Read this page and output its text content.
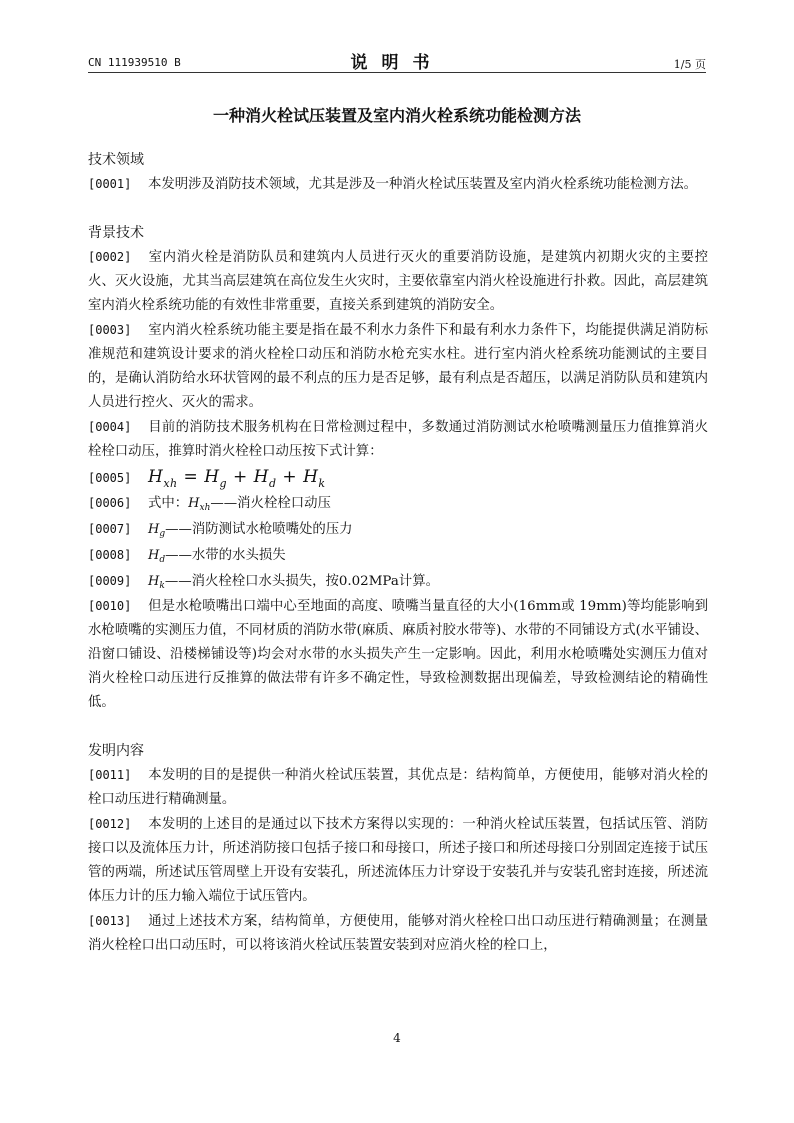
CN 111939510 B	说明书	1/5 页
一种消火栓试压装置及室内消火栓系统功能检测方法

技术领域

[0001] 本发明涉及消防技术领域，尤其是涉及一种消火栓试压装置及室内消火栓系统功能检测方法。

背景技术

[0002] 室内消火栓是消防队员和建筑内人员进行灭火的重要消防设施，是建筑内初期火灾的主要控火、灭火设施，尤其当高层建筑在高位发生火灾时，主要依靠室内消火栓设施进行扑救。因此，高层建筑室内消火栓系统功能的有效性非常重要，直接关系到建筑的消防安全。

[0003] 室内消火栓系统功能主要是指在最不利水力条件下和最有利水力条件下，均能提供满足消防标准规范和建筑设计要求的消火栓栓口动压和消防水枪充实水柱。进行室内消火栓系统功能测试的主要目的，是确认消防给水环状管网的最不利点的压力是否足够，最有利点是否超压，以满足消防队员和建筑内人员进行控火、灭火的需求。

[0004] 目前的消防技术服务机构在日常检测过程中，多数通过消防测试水枪喷嘴测量压力值推算消火栓栓口动压，推算时消火栓栓口动压按下式计算：

[0005] $H_{xh} = H_g + H_d + H_k$

[0006] 式中：$H_{xh}——$消火栓栓口动压

[0007] $H_g——$消防测试水枪喷嘴处的压力

[0008] $H_d——$水带的水头损失

[0009] $H_k——$消火栓栓口水头损失，按0.02MPa计算。

[0010] 但是水枪喷嘴出口端中心至地面的高度、喷嘴当量直径的大小(16mm或 19mm)等均能影响到水枪喷嘴的实测压力值，不同材质的消防水带(麻质、麻质衬胶水带等)、水带的不同铺设方式(水平铺设、沿窗口铺设、沿楼梯铺设等)均会对水带的水头损失产生一定影响。因此，利用水枪喷嘴处实测压力值对消火栓栓口动压进行反推算的做法带有许多不确定性，导致检测数据出现偏差，导致检测结论的精确性低。

发明内容

[0011] 本发明的目的是提供一种消火栓试压装置，其优点是：结构简单，方便使用，能够对消火栓的栓口动压进行精确测量。

[0012] 本发明的上述目的是通过以下技术方案得以实现的：一种消火栓试压装置，包括试压管、消防接口以及流体压力计，所述消防接口包括子接口和母接口，所述子接口和所述母接口分别固定连接于试压管的两端，所述试压管周壁上开设有安装孔，所述流体压力计穿设于安装孔并与安装孔密封连接，所述流体压力计的压力输入端位于试压管内。

[0013] 通过上述技术方案，结构简单，方便使用，能够对消火栓栓口出口动压进行精确测量；在测量消火栓栓口出口动压时，可以将该消火栓试压装置安装到对应消火栓的栓口上，

4
